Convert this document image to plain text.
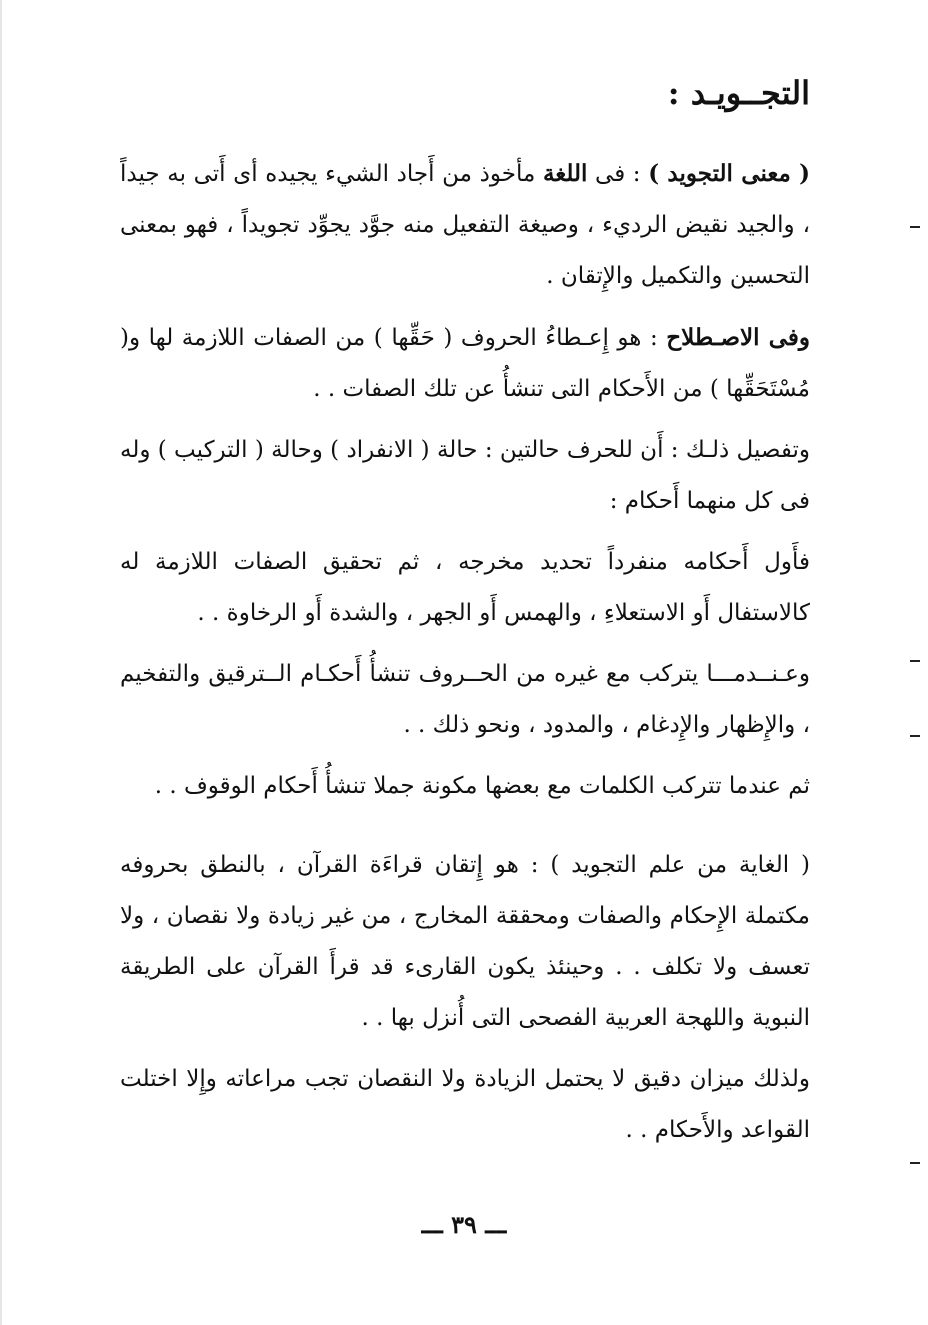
التجــويـد :

( معنى التجويد ) : فى اللغة مأخوذ من أَجاد الشيء يجيده أى أَتى به جيداً ، والجيد نقيض الرديء ، وصيغة التفعيل منه جوَّد يجوِّد تجويداً ، فهو بمعنى التحسين والتكميل والإِتقان .

وفى الاصـطلاح : هو إِعـطاءُ الحروف ( حَقِّها ) من الصفات اللازمة لها و( مُسْتَحَقِّها ) من الأَحكام التى تنشأُ عن تلك الصفات . .

وتفصيل ذلـك : أَن للحرف حالتين : حالة ( الانفراد ) وحالة ( التركيب ) وله فى كل منهما أَحكام :

فأَول أَحكامه منفرداً تحديد مخرجه ، ثم تحقيق الصفات اللازمة له كالاستفال أَو الاستعلاءِ ، والهمس أَو الجهر ، والشدة أَو الرخاوة . .

وعـنــدمـــا يتركب مع غيره من الحــروف تنشأُ أَحكـام الــترقيق والتفخيم ، والإِظهار والإِدغام ، والمدود ، ونحو ذلك . .

ثم عندما تتركب الكلمات مع بعضها مكونة جملا تنشأُ أَحكام الوقوف . .

( الغاية من علم التجويد ) : هو إِتقان قراءَة القرآن ، بالنطق بحروفه مكتملة الإِحكام والصفات ومحققة المخارج ، من غير زيادة ولا نقصان ، ولا تعسف ولا تكلف . . وحينئذ يكون القارىء قد قرأَ القرآن على الطريقة النبوية واللهجة العربية الفصحى التى أُنزل بها . .

ولذلك ميزان دقيق لا يحتمل الزيادة ولا النقصان تجب مراعاته وإِلا اختلت القواعد والأَحكام . .

ـــ ٣٩ ـــ
